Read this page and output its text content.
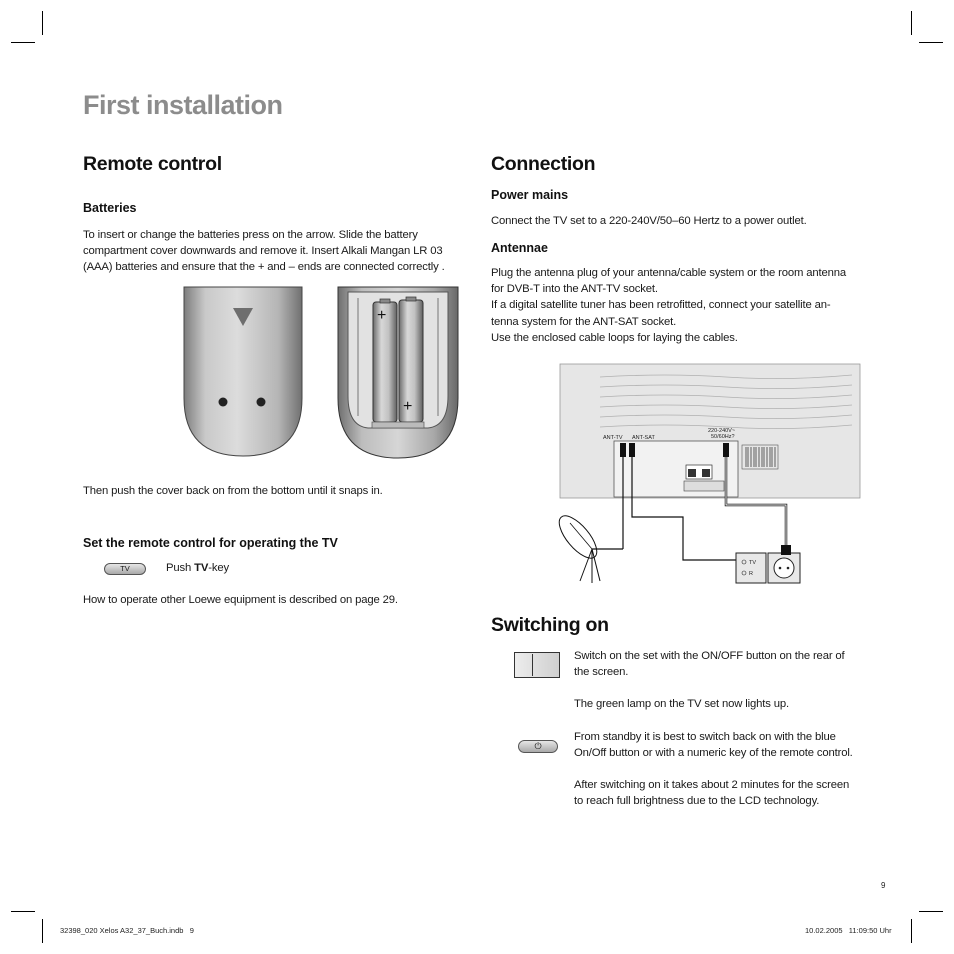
First installation
Remote control
Batteries
To insert or change the batteries press on the arrow. Slide the battery
compartment cover downwards and remove it. Insert Alkali Mangan LR 03
(AAA) batteries and ensure that the + and – ends are connected correctly .
+
+
Then push the cover back on from the bottom until it snaps in.
Set the remote control for operating the TV
TV	Push TV-key
How to operate other Loewe equipment is described on page 29.
Connection
Power mains
Connect the TV set to a 220-240V/50–60 Hertz to a power outlet.
Antennae
Plug the antenna plug of your antenna/cable system or the room antenna
for DVB-T into the ANT-TV socket.
If a digital satellite tuner has been retrofitted, connect your satellite an-
tenna system for the ANT-SAT socket.
Use the enclosed cable loops for laying the cables.
ANT-TV ANT-SAT
220-240V~
50/60Hz?
TV
R
Switching on
⏻
Switch on the set with the ON/OFF button on the rear of
the screen.
The green lamp on the TV set now lights up.
From standby it is best to switch back on with the blue
On/Off button or with a numeric key of the remote control.
After switching on it takes about 2 minutes for the screen
to reach full brightness due to the LCD technology.
9
32398_020 Xelos A32_37_Buch.indb   9	10.02.2005   11:09:50 Uhr
